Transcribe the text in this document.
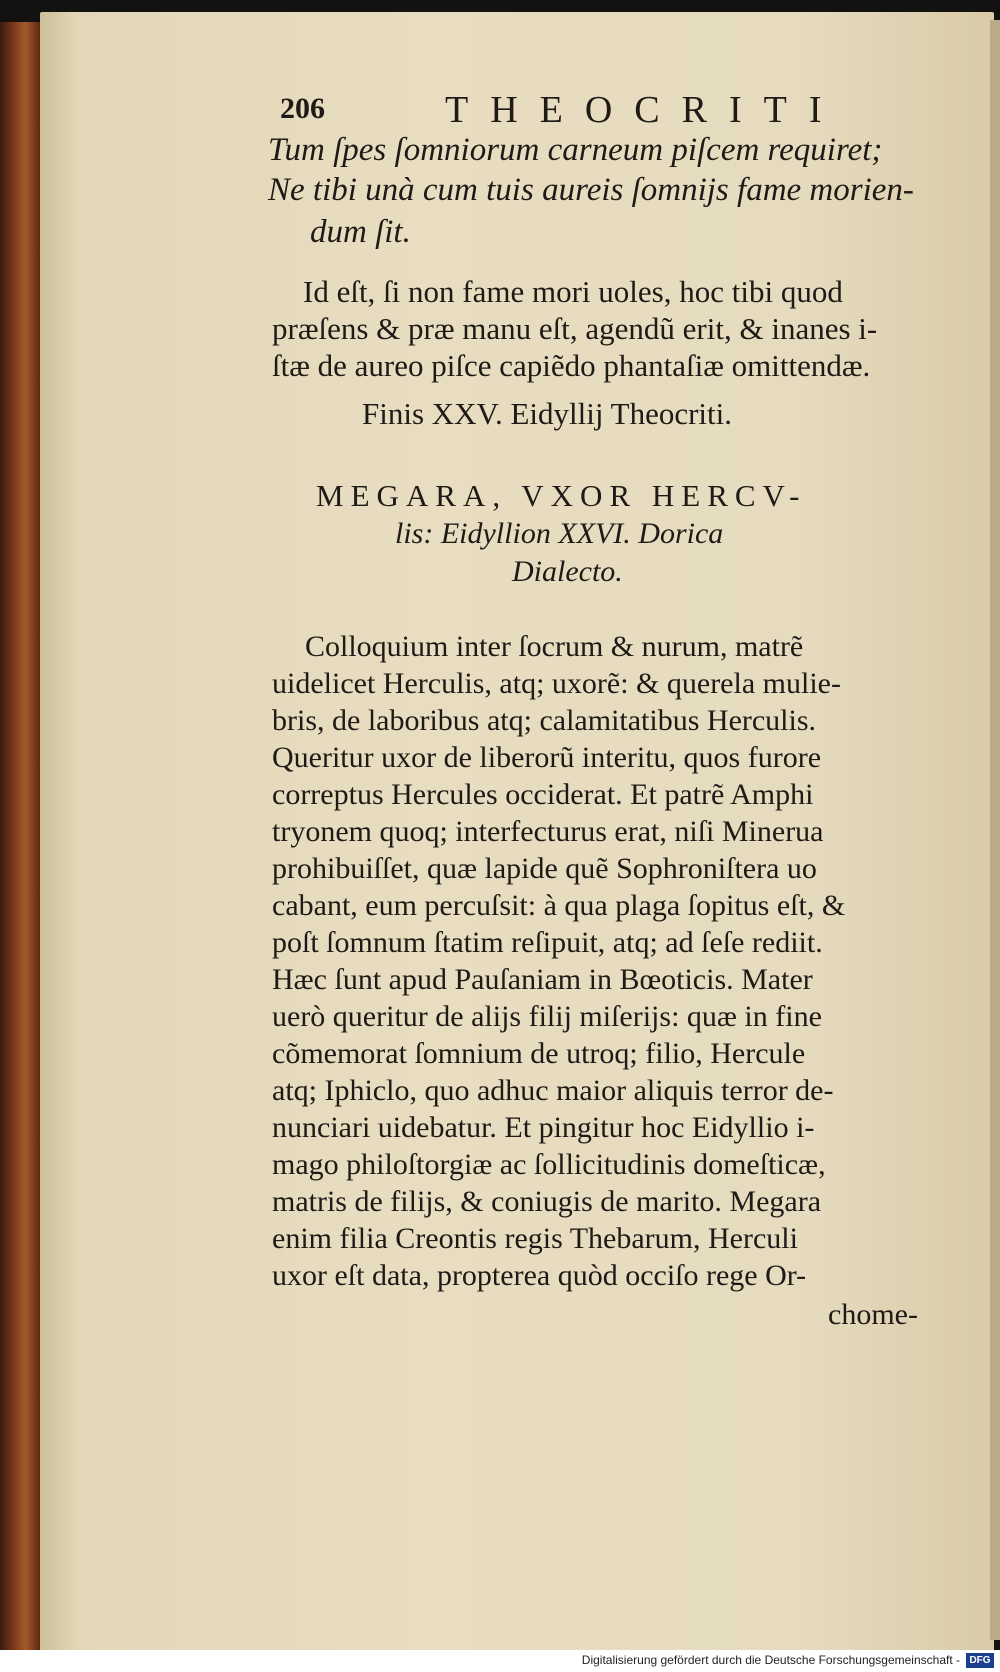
206	THEOCRITI

Tum ſpes ſomniorum carneum piſcem requiret;

Ne tibi unà cum tuis aureis ſomnijs fame morien-

dum ſit.

Id eſt, ſi non fame mori uoles, hoc tibi quod

præſens & præ manu eſt, agendũ erit, & inanes i-

ſtæ de aureo piſce capiẽdo phantaſiæ omittendæ.

Finis XXV. Eidyllij Theocriti.

MEGARA, VXOR HERCV-

lis: Eidyllion XXVI. Dorica

Dialecto.

Colloquium inter ſocrum & nurum, matrẽ

uidelicet Herculis, atq; uxorẽ: & querela mulie-

bris, de laboribus atq; calamitatibus Herculis.

Queritur uxor de liberorũ interitu, quos furore

correptus Hercules occiderat. Et patrẽ Amphi

tryonem quoq; interfecturus erat, niſi Minerua

prohibuiſſet, quæ lapide quẽ Sophroniſtera uo

cabant, eum percuſsit: à qua plaga ſopitus eſt, &

poſt ſomnum ſtatim reſipuit, atq; ad ſeſe rediit.

Hæc ſunt apud Pauſaniam in Bœoticis. Mater

uerò queritur de alijs filij miſerijs: quæ in fine

cõmemorat ſomnium de utroq; filio, Hercule

atq; Iphiclo, quo adhuc maior aliquis terror de-

nunciari uidebatur. Et pingitur hoc Eidyllio i-

mago philoſtorgiæ ac ſollicitudinis domeſticæ,

matris de filijs, & coniugis de marito. Megara

enim filia Creontis regis Thebarum, Herculi

uxor eſt data, propterea quòd occiſo rege Or-

chome-

Digitalisierung gefördert durch die Deutsche Forschungsgemeinschaft - DFG
